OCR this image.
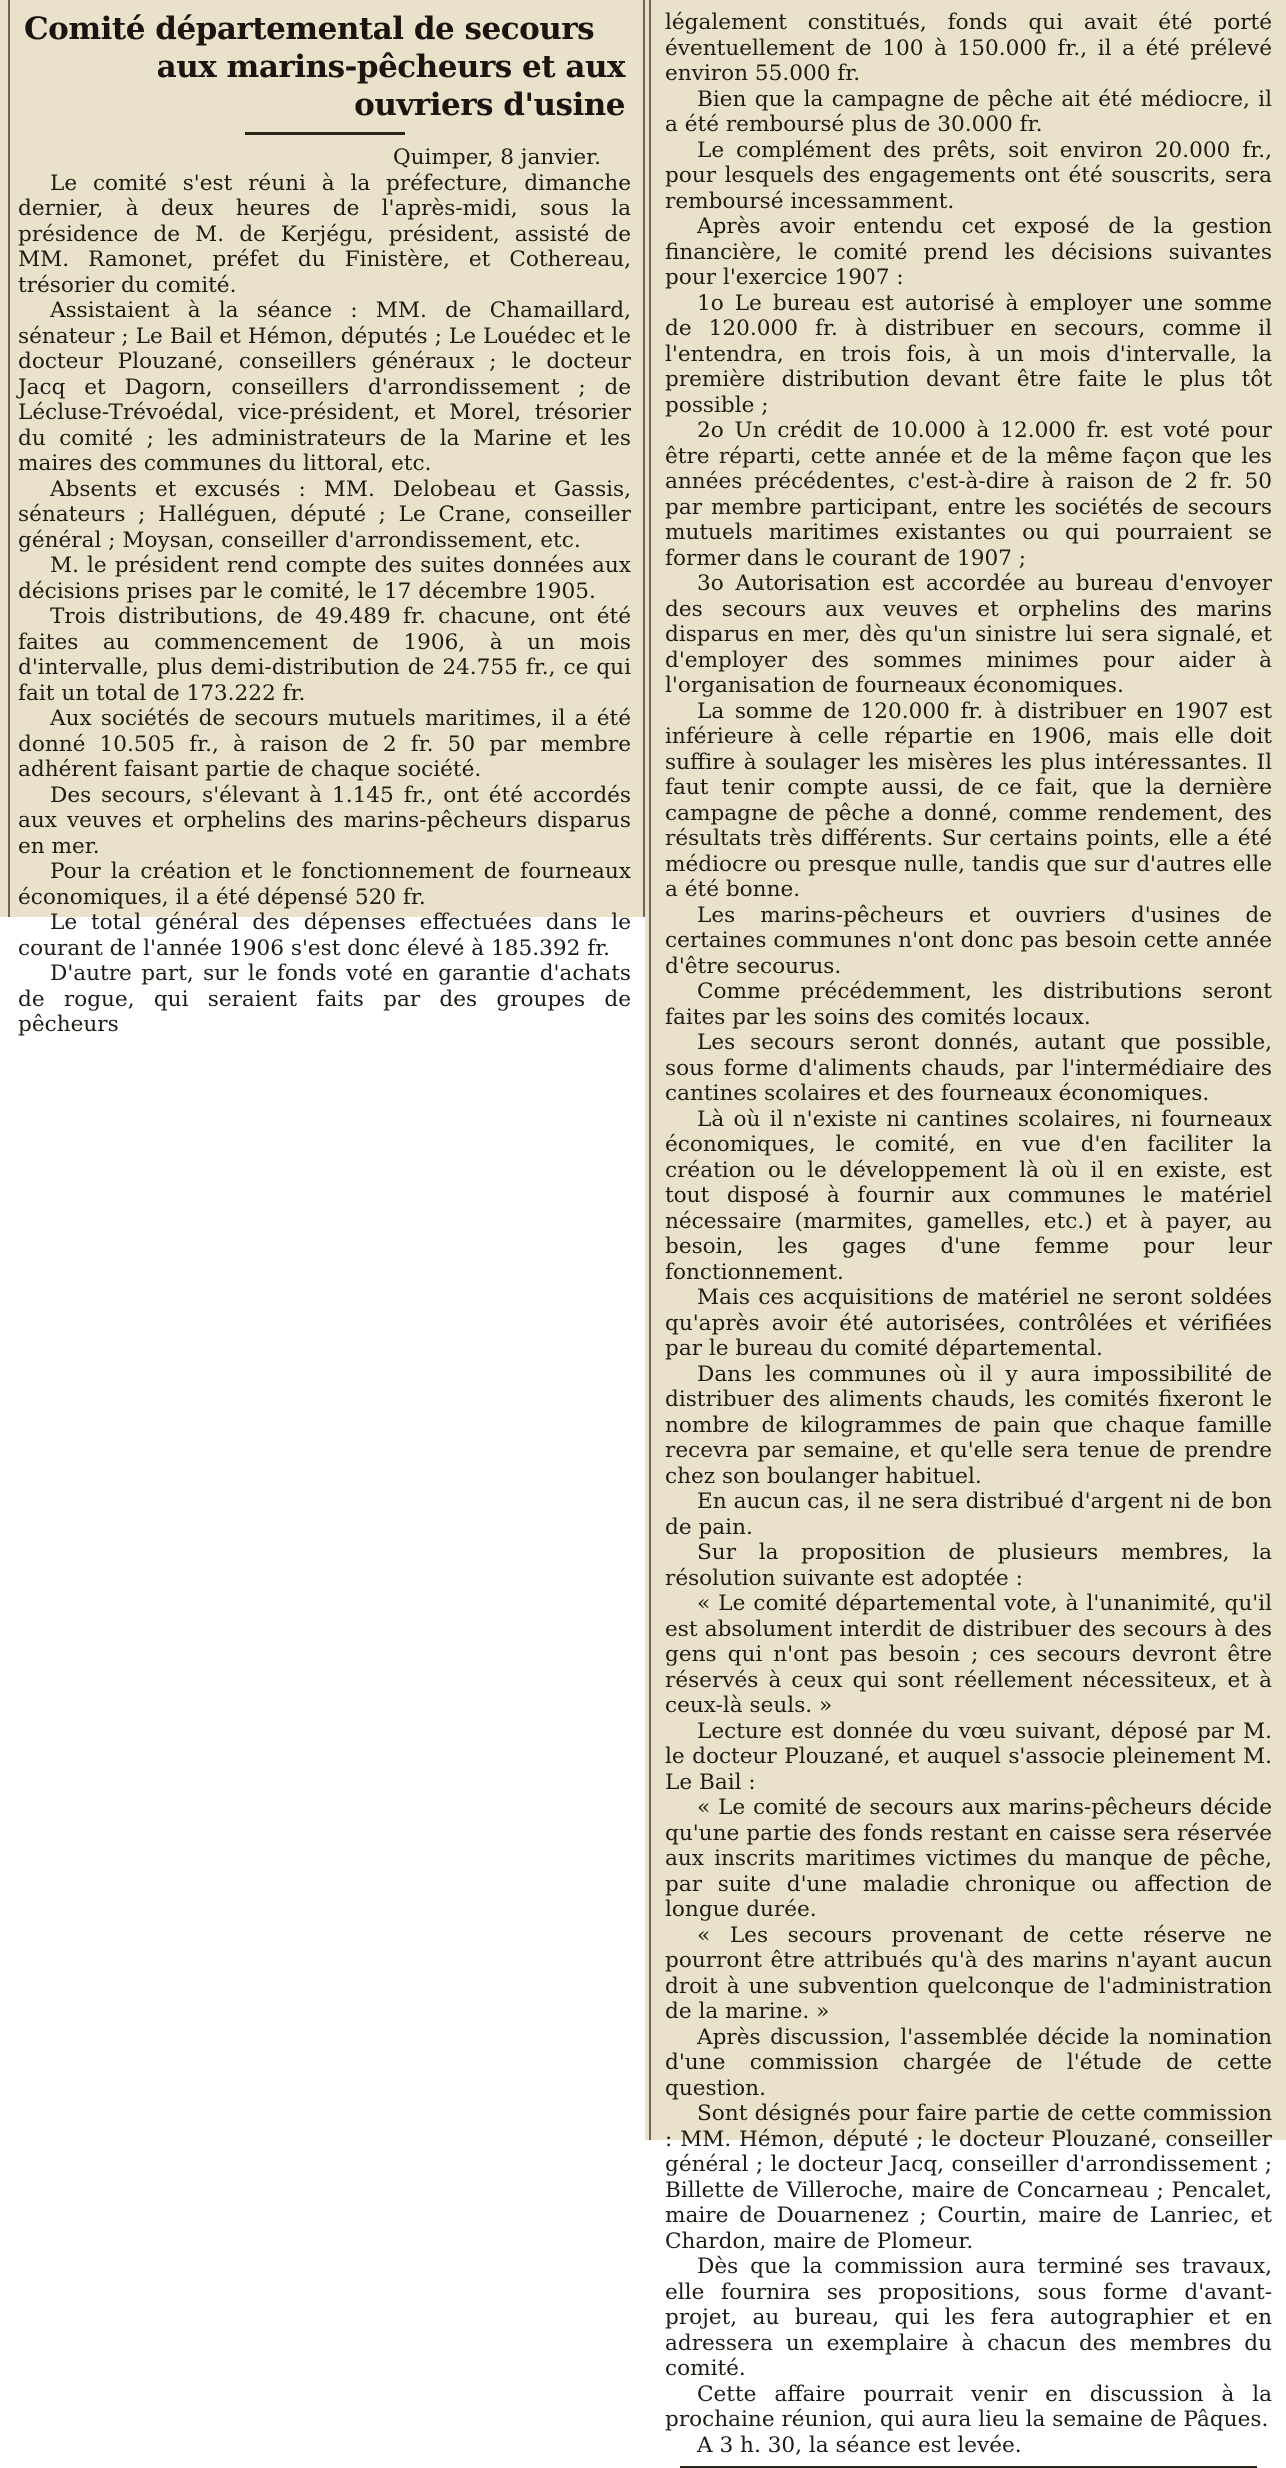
Comité départemental de secours
aux marins-pêcheurs et aux ouvriers d'usine

Quimper, 8 janvier.

Le comité s'est réuni à la préfecture, dimanche dernier, à deux heures de l'après-midi, sous la présidence de M. de Kerjégu, président, assisté de MM. Ramonet, préfet du Finistère, et Cothereau, trésorier du comité.

Assistaient à la séance : MM. de Chamaillard, sénateur ; Le Bail et Hémon, députés ; Le Louédec et le docteur Plouzané, conseillers généraux ; le docteur Jacq et Dagorn, conseillers d'arrondissement ; de Lécluse-Trévoédal, vice-président, et Morel, trésorier du comité ; les administrateurs de la Marine et les maires des communes du littoral, etc.

Absents et excusés : MM. Delobeau et Gassis, sénateurs ; Halléguen, député ; Le Crane, conseiller général ; Moysan, conseiller d'arrondissement, etc.

M. le président rend compte des suites données aux décisions prises par le comité, le 17 décembre 1905.

Trois distributions, de 49.489 fr. chacune, ont été faites au commencement de 1906, à un mois d'intervalle, plus demi-distribution de 24.755 fr., ce qui fait un total de 173.222 fr.

Aux sociétés de secours mutuels maritimes, il a été donné 10.505 fr., à raison de 2 fr. 50 par membre adhérent faisant partie de chaque société.

Des secours, s'élevant à 1.145 fr., ont été accordés aux veuves et orphelins des marins-pêcheurs disparus en mer.

Pour la création et le fonctionnement de fourneaux économiques, il a été dépensé 520 fr.

Le total général des dépenses effectuées dans le courant de l'année 1906 s'est donc élevé à 185.392 fr.

D'autre part, sur le fonds voté en garantie d'achats de rogue, qui seraient faits par des groupes de pêcheurs

légalement constitués, fonds qui avait été porté éventuellement de 100 à 150.000 fr., il a été prélevé environ 55.000 fr.

Bien que la campagne de pêche ait été médiocre, il a été remboursé plus de 30.000 fr.

Le complément des prêts, soit environ 20.000 fr., pour lesquels des engagements ont été souscrits, sera remboursé incessamment.

Après avoir entendu cet exposé de la gestion financière, le comité prend les décisions suivantes pour l'exercice 1907 :

1o Le bureau est autorisé à employer une somme de 120.000 fr. à distribuer en secours, comme il l'entendra, en trois fois, à un mois d'intervalle, la première distribution devant être faite le plus tôt possible ;

2o Un crédit de 10.000 à 12.000 fr. est voté pour être réparti, cette année et de la même façon que les années précédentes, c'est-à-dire à raison de 2 fr. 50 par membre participant, entre les sociétés de secours mutuels maritimes existantes ou qui pourraient se former dans le courant de 1907 ;

3o Autorisation est accordée au bureau d'envoyer des secours aux veuves et orphelins des marins disparus en mer, dès qu'un sinistre lui sera signalé, et d'employer des sommes minimes pour aider à l'organisation de fourneaux économiques.

La somme de 120.000 fr. à distribuer en 1907 est inférieure à celle répartie en 1906, mais elle doit suffire à soulager les misères les plus intéressantes. Il faut tenir compte aussi, de ce fait, que la dernière campagne de pêche a donné, comme rendement, des résultats très différents. Sur certains points, elle a été médiocre ou presque nulle, tandis que sur d'autres elle a été bonne.

Les marins-pêcheurs et ouvriers d'usines de certaines communes n'ont donc pas besoin cette année d'être secourus.

Comme précédemment, les distributions seront faites par les soins des comités locaux.

Les secours seront donnés, autant que possible, sous forme d'aliments chauds, par l'intermédiaire des cantines scolaires et des fourneaux économiques.

Là où il n'existe ni cantines scolaires, ni fourneaux économiques, le comité, en vue d'en faciliter la création ou le développement là où il en existe, est tout disposé à fournir aux communes le matériel nécessaire (marmites, gamelles, etc.) et à payer, au besoin, les gages d'une femme pour leur fonctionnement.

Mais ces acquisitions de matériel ne seront soldées qu'après avoir été autorisées, contrôlées et vérifiées par le bureau du comité départemental.

Dans les communes où il y aura impossibilité de distribuer des aliments chauds, les comités fixeront le nombre de kilogrammes de pain que chaque famille recevra par semaine, et qu'elle sera tenue de prendre chez son boulanger habituel.

En aucun cas, il ne sera distribué d'argent ni de bon de pain.

Sur la proposition de plusieurs membres, la résolution suivante est adoptée :

« Le comité départemental vote, à l'unanimité, qu'il est absolument interdit de distribuer des secours à des gens qui n'ont pas besoin ; ces secours devront être réservés à ceux qui sont réellement nécessiteux, et à ceux-là seuls. »

Lecture est donnée du vœu suivant, déposé par M. le docteur Plouzané, et auquel s'associe pleinement M. Le Bail :

« Le comité de secours aux marins-pêcheurs décide qu'une partie des fonds restant en caisse sera réservée aux inscrits maritimes victimes du manque de pêche, par suite d'une maladie chronique ou affection de longue durée.

« Les secours provenant de cette réserve ne pourront être attribués qu'à des marins n'ayant aucun droit à une subvention quelconque de l'administration de la marine. »

Après discussion, l'assemblée décide la nomination d'une commission chargée de l'étude de cette question.

Sont désignés pour faire partie de cette commission : MM. Hémon, député ; le docteur Plouzané, conseiller général ; le docteur Jacq, conseiller d'arrondissement ; Billette de Villeroche, maire de Concarneau ; Pencalet, maire de Douarnenez ; Courtin, maire de Lanriec, et Chardon, maire de Plomeur.

Dès que la commission aura terminé ses travaux, elle fournira ses propositions, sous forme d'avant-projet, au bureau, qui les fera autographier et en adressera un exemplaire à chacun des membres du comité.

Cette affaire pourrait venir en discussion à la prochaine réunion, qui aura lieu la semaine de Pâques.

A 3 h. 30, la séance est levée.
